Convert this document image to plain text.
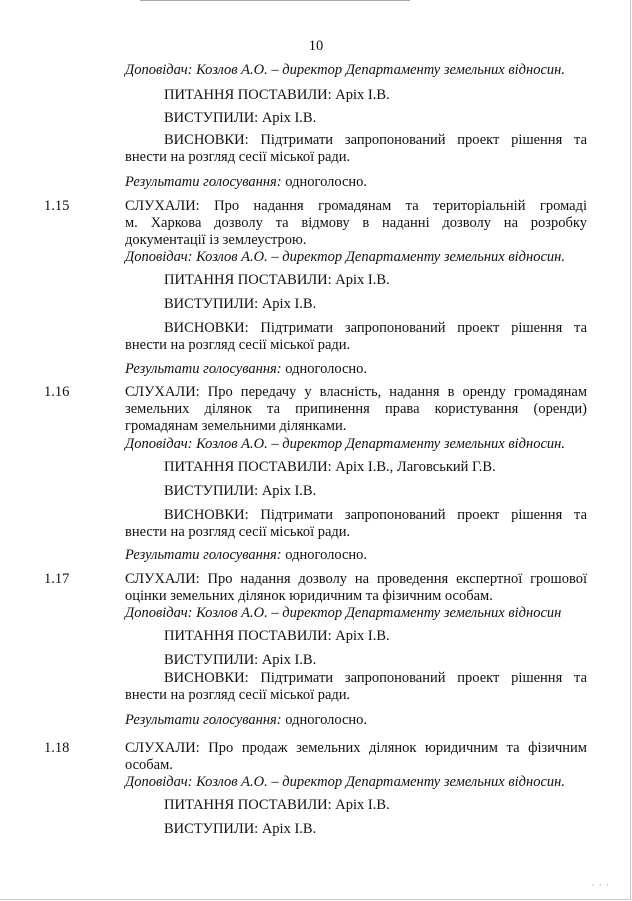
10
Доповідач: Козлов А.О. – директор Департаменту земельних відносин.
ПИТАННЯ ПОСТАВИЛИ: Аріх І.В.
ВИСТУПИЛИ: Аріх І.В.
ВИСНОВКИ: Підтримати запропонований проект рішення та
внести на розгляд сесії міської ради.
Результати голосування: одноголосно.
1.15	СЛУХАЛИ: Про надання громадянам та територіальній громаді
м. Харкова дозволу та відмову в наданні дозволу на розробку
документації із землеустрою.
Доповідач: Козлов А.О. – директор Департаменту земельних відносин.
ПИТАННЯ ПОСТАВИЛИ: Аріх І.В.
ВИСТУПИЛИ: Аріх І.В.
ВИСНОВКИ: Підтримати запропонований проект рішення та
внести на розгляд сесії міської ради.
Результати голосування: одноголосно.
1.16	СЛУХАЛИ: Про передачу у власність, надання в оренду громадянам
земельних ділянок та припинення права користування (оренди)
громадянам земельними ділянками.
Доповідач: Козлов А.О. – директор Департаменту земельних відносин.
ПИТАННЯ ПОСТАВИЛИ: Аріх І.В., Лаговський Г.В.
ВИСТУПИЛИ: Аріх І.В.
ВИСНОВКИ: Підтримати запропонований проект рішення та
внести на розгляд сесії міської ради.
Результати голосування: одноголосно.
1.17	СЛУХАЛИ: Про надання дозволу на проведення експертної грошової
оцінки земельних ділянок юридичним та фізичним особам.
Доповідач: Козлов А.О. – директор Департаменту земельних відносин
ПИТАННЯ ПОСТАВИЛИ: Аріх І.В.
ВИСТУПИЛИ: Аріх І.В.
ВИСНОВКИ: Підтримати запропонований проект рішення та
внести на розгляд сесії міської ради.
Результати голосування: одноголосно.
1.18	СЛУХАЛИ: Про продаж земельних ділянок юридичним та фізичним
особам.
Доповідач: Козлов А.О. – директор Департаменту земельних відносин.
ПИТАННЯ ПОСТАВИЛИ: Аріх І.В.
ВИСТУПИЛИ: Аріх І.В.
⋅ ⋅ ⋅
